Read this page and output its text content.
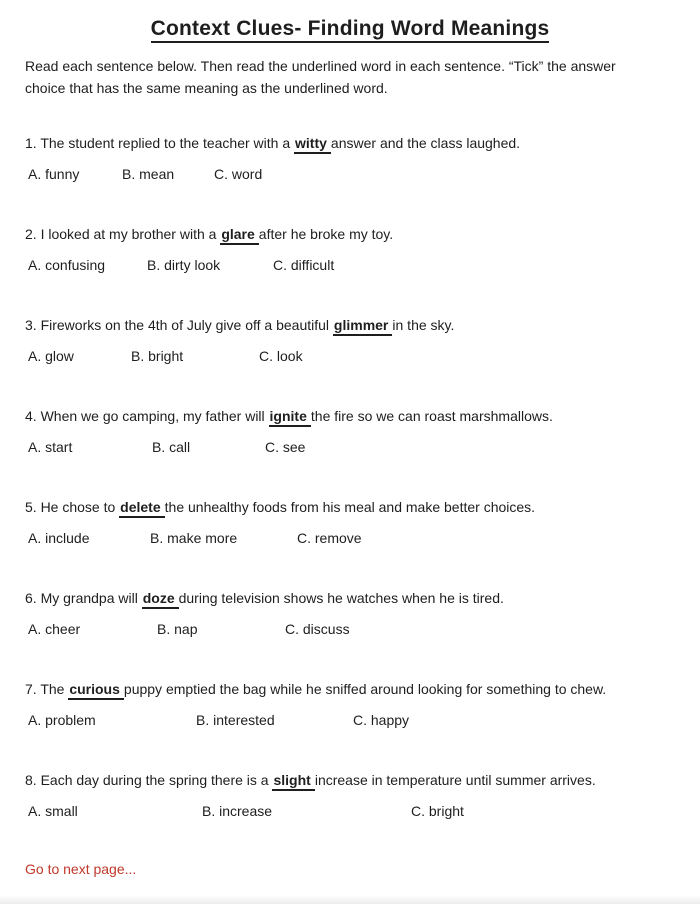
Context Clues- Finding Word Meanings
Read each sentence below. Then read the underlined word in each sentence. “Tick” the answer choice that has the same meaning as the underlined word.
1. The student replied to the teacher with a witty answer and the class laughed.
A. funny	B. mean	C. word
2. I looked at my brother with a glare after he broke my toy.
A. confusing	B. dirty look	C. difficult
3. Fireworks on the 4th of July give off a beautiful glimmer in the sky.
A. glow	B. bright	C. look
4. When we go camping, my father will ignite the fire so we can roast marshmallows.
A. start	B. call	C. see
5. He chose to delete the unhealthy foods from his meal and make better choices.
A. include	B. make more	C. remove
6. My grandpa will doze during television shows he watches when he is tired.
A. cheer	B. nap	C. discuss
7. The curious puppy emptied the bag while he sniffed around looking for something to chew.
A. problem	B. interested	C. happy
8. Each day during the spring there is a slight increase in temperature until summer arrives.
A. small	B. increase	C. bright
Go to next page...
